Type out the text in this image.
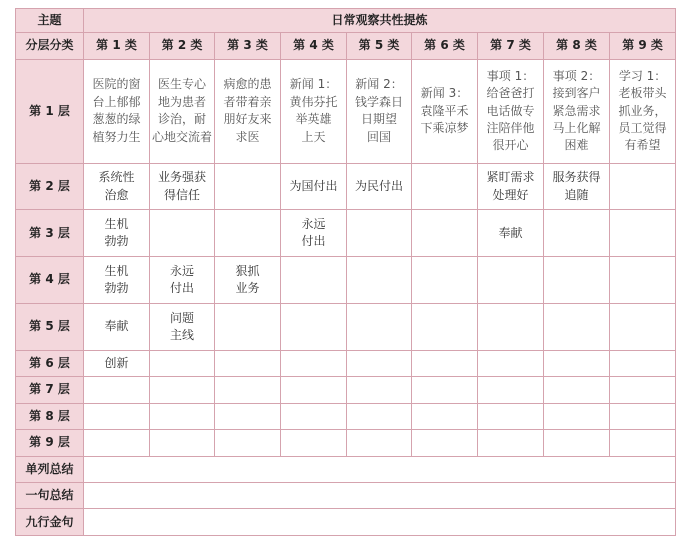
主题	日常观察共性提炼								
分层分类	第 1 类	第 2 类	第 3 类	第 4 类	第 5 类	第 6 类	第 7 类	第 8 类	第 9 类
第 1 层	医院的窗
台上郁郁
葱葱的绿
植努力生	医生专心
地为患者
诊治，耐
心地交流着	病愈的患
者带着亲
朋好友来
求医	新闻 1：
黄伟芬托
举英雄
上天	新闻 2：
钱学森日
日期望
回国	新闻 3：
袁隆平禾
下乘凉梦	事项 1：
给爸爸打
电话做专
注陪伴他
很开心	事项 2：
接到客户
紧急需求
马上化解
困难	学习 1：
老板带头
抓业务，
员工觉得
有希望

第 2 层	系统性
治愈	业务强获
得信任		为国付出	为民付出		紧盯需求
处理好	服务获得
追随	

第 3 层	生机
勃勃			永远
付出			奉献		

第 4 层	生机
勃勃	永远
付出	狠抓
业务						

第 5 层	奉献	问题
主线							

第 6 层	创新								

第 7 层									
第 8 层									
第 9 层									
单列总结									
一句总结									
九行金句									
